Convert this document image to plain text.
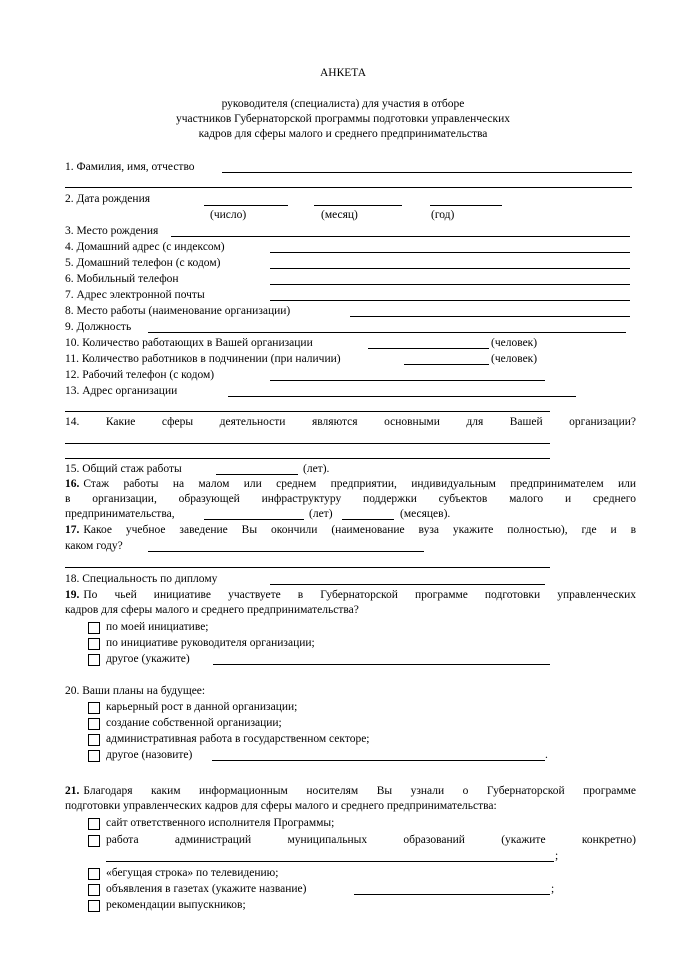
АНКЕТА
руководителя (специалиста) для участия в отборе
участников Губернаторской программы подготовки управленческих
кадров для сферы малого и среднего предпринимательства
1. Фамилия, имя, отчество
2. Дата рождения
(число)	(месяц)	(год)
3. Место рождения
4. Домашний адрес (с индексом)
5. Домашний телефон (с кодом)
6. Мобильный телефон
7. Адрес электронной почты
8. Место работы (наименование организации)
9. Должность
10. Количество работающих в Вашей организации	(человек)
11. Количество работников в подчинении (при наличии)	(человек)
12. Рабочий телефон (с кодом)
13. Адрес организации
14. Какие сферы деятельности являются основными для Вашей организации?
15. Общий стаж работы	(лет).
16. Стаж работы на малом или среднем предприятии, индивидуальным предпринимателем или
в организации, образующей инфраструктуру поддержки субъектов малого и среднего
предпринимательства,	(лет)	(месяцев).
17. Какое учебное заведение Вы окончили (наименование вуза укажите полностью), где и в
каком году?
18. Специальность по диплому
19. По чьей инициативе участвуете в Губернаторской программе подготовки управленческих
кадров для сферы малого и среднего предпринимательства?
по моей инициативе;
по инициативе руководителя организации;
другое (укажите)
20. Ваши планы на будущее:
карьерный рост в данной организации;
создание собственной организации;
административная работа в государственном секторе;
другое (назовите)	.
21. Благодаря каким информационным носителям Вы узнали о Губернаторской программе
подготовки управленческих кадров для сферы малого и среднего предпринимательства:
сайт ответственного исполнителя Программы;
работа	администраций	муниципальных	образований	(укажите	конкретно)
;
«бегущая строка» по телевидению;
объявления в газетах (укажите название)	;
рекомендации выпускников;
